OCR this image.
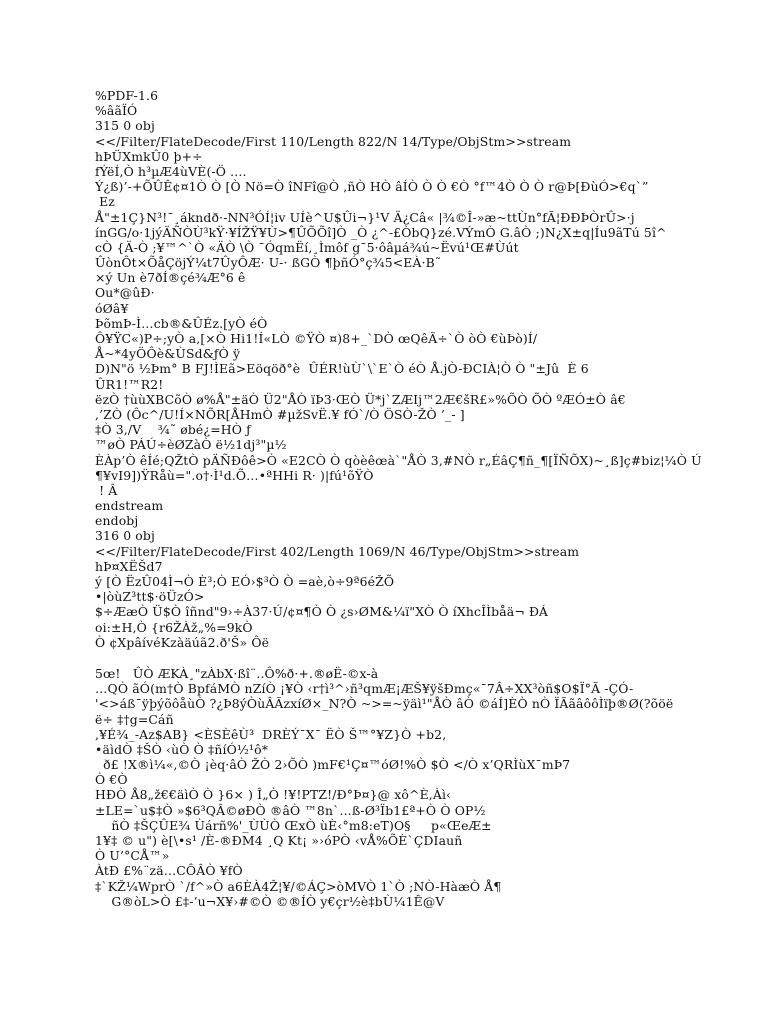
%PDF-1.6
%âãÏÓ
315 0 obj
<</Filter/FlateDecode/First 110/Length 822/N 14/Type/ObjStm>>stream
hÞÜXmkÛ0 þ+÷
fÝëÍ,Ò h³µÆ4ùVÈ(-Ö ....
Ý¿ß)’-+ÕÛÊ¢¤1Ò Ò [Ò Nö=Ò îNFî@Ò ,ñÒ HÒ âÍÒ Ò Ò €Ò °f™4Ò Ò Ò r@Þ[ÐùÓ>€q`”
Ez
Å"±1Ç}N³!¯¸ákndð·-NN³ÓÍ¦iv UÍè^U$Ûi¬}¹V Ä¿Câ« |¾©Î-»æ~ttÙn°fÃ¦ÐÐÞÒrÛ>·j
ínGG/o·1jýÄÑÒÙ³kŸ·¥ÍŽŸ¥Ù>¶ÛÕÕî]Ò _Ò ¿^-£ÒbQ}zé.VÝmÒ G.âÒ ;)N¿X±q|Íu9ãTú 5î^
cÒ {Ä-Ò ;¥™^`Ò «ÄÒ \Ò ¯ÓqmËí,¸Ìmôf g¯5·ôâµá¾ú~Ëvú¹Œ#Ùút
ÛònÔt×ÕåÇöjÝ¼t7ÛyÔÆ· U-· ßGÒ ¶þñÓ°ç¾5<EÀ·B˜
×ý Un è7ðÍ®çé¾Æ°6 ê
Ou*@ûÐ·
óØâ¥
ÞõmÞ-Ì…cb®&ÛÉz.[yÒ éÒ
Ô¥ŸC«)P÷;yÒ a,[×Ò Hi1!Í«LÒ ©ŸÒ ¤)8+_`DÒ œQêÃ÷`Ò òÒ €ùÞò)Í/
Å~*4yÖÔè&ÙSd&ƒÒ ÿ
D)N"ö ½Þm° B FJ!ÌEã>Eöqöð°è  ÛÉR!ùÙ`\`E`Ò éÒ Å.jÒ-ÐCIÀ¦Ò Ò "±Jû  È 6
ÛR1!™R2!
ëzÒ †ùùXBCõÒ ø%Å"±äÒ Ü2"ÅÒ ïÞ3·ŒÒ Ü*j`ZÆIj™2Æ€šR£»%ÕÒ ÕÒ ºÆÓ±Ò â€
,’ZÒ (Ôc^/U!Í×NÕR[ÅHmÒ #µžSvË.¥ fÓ`/Ò ÖSÒ-ŽÒ ’_- ]
‡Ò 3,/V    ¾˜ øbé¿=HÒ ƒ
™øÒ PÁÚ÷èØZàÒ ë½1dj³"µ½
ÈÀp’Ò êÍé;QŽtÒ pÄÑÐôê>Ò «E2CÒ Ò qòèêœà`"ÅÒ 3,#NÒ r„ÉâÇ¶ñ_¶[ÏÑÕX)~¸ß]ç#biz¦¼Ò Ú
¶¥vI9])ŸRåù=".o†·Ì¹d.Õ…•ªHHi R· )|fú¹õŸÒ
! Â
endstream
endobj
316 0 obj
<</Filter/FlateDecode/First 402/Length 1069/N 46/Type/ObjStm>>stream
hÞ¤XËŠd7
ý [Ò ËzÛ04Ì¬Ò È³;Ò EÓ›$³Ò Ò =aè,ò÷9ª6éŽÕ
•|òùZ³tt$·öÜzÓ>
$÷ÆæÒ Ü$Ò îñnd"9›÷À37·Ú/¢¤¶Ò Ò ¿s›ØM&¼ï"XÒ Ò íXhcÎÌbåä¬ ÐÁ
oi:±H,Ò {r6ŽÀž„%=9kÒ
Ò ¢XpâívéKzàäúã2.ð'Š» Ôë
5œ!   ÛÒ ÆKÀ¸"zÀbX·ßî¨..Ô%ð·+.®øË-©x-à
…QÒ ãÓ(m†Ò BpfáMÒ nZíÒ ¡¥Ò ‹r†ì³^›ñ³qmÆ¡ÆŠ¥ÿšÐmç«¯7Â÷XX³òñ$O$Ï°Ã -ÇÓ-
'<>áß¯ÿþýõôåùÒ ?¿Þ8ýÒùÂÃzxíØ×_N?Ò ~>=~ÿäì¹"ÅÒ âÒ ©áÍ]ÈÒ nÒ ÏÃãâôôÌïþ®Ø(?õöë
ë÷ ‡†g=Cáñ
,¥É¾_-Az$AB} <ÈSÈêÙ³  DRÈÝ¯X¯ ËÒ Š™°¥Z}Ò +b2,
•äìdÒ ‡ŠÒ ‹ùÒ Ò ‡ñíÓ½¹ô*
ð£ !X®ì¼«,©Ò ¡èq·âÒ ŽÒ 2›ÕÒ )mF€¹Ç¤™óØ!%Ò $Ò </Ò x’QRÌùX¯mÞ7
Ò €Ò
HÐÒ Å8„ž€€äìÒ Ò }6× ) Î„Ò !¥!PTZ!/Ð°Þ¤}@ xô^È,Àì‹
±LE=`u$‡Ò »$6³QÂ©øÐÒ ®âÒ ™8n`…ß-Ø³Ïb1£ª+Ò Ò OP½
ñÒ ‡ŠÇÛE¾ Ùárñ%'_ÙÙÒ ŒxÒ ùÈ‹°m8:eT)O§     p«ŒeÆ±
1¥‡ © u") è[\•s¹ /È-®ÐM4 ¸Q Kt¡ »›óPÒ ‹vÅ%ÕÈ`ÇDIauñ
Ò U’°CÅ™»
ÀtÐ £%¨zä…CÔÂÒ ¥fÒ
‡`KŽ¼WprÒ `/f^»Ò a6ÈÀ4Ž¦¥/©ÁÇ>òMVÒ 1`Ò ;NÒ-HàæÒ Å¶
G®òL>Ò £‡-’u¬X¥›#©Ò ©®ÍÒ y€çr½è‡bÙ¼1Ê@V
